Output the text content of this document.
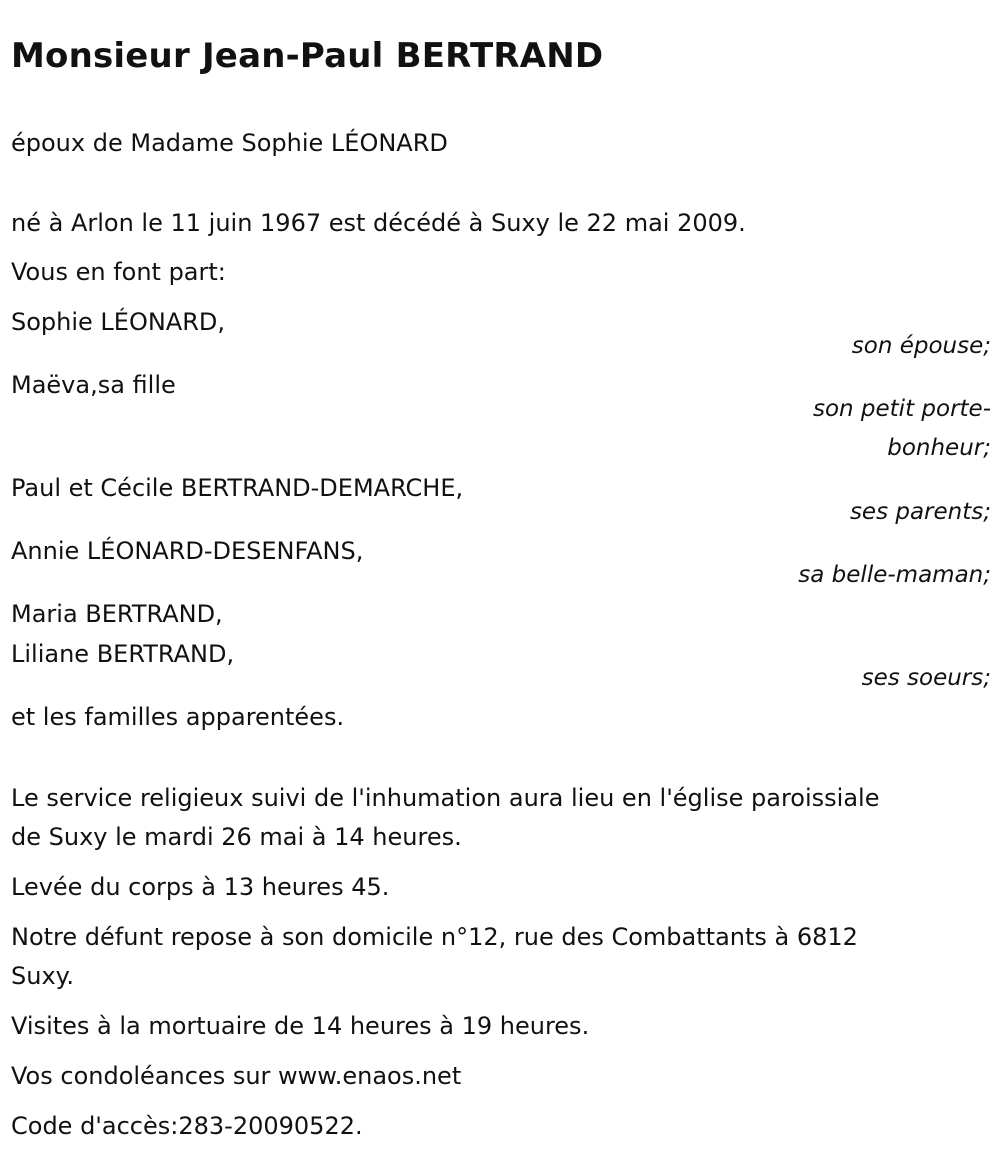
Monsieur Jean-Paul BERTRAND

époux de Madame Sophie LÉONARD

né à Arlon le 11 juin 1967 est décédé à Suxy le 22 mai 2009.

Vous en font part:

Sophie LÉONARD,

son épouse;

Maëva,sa fille

son petit porte-

bonheur;

Paul et Cécile BERTRAND-DEMARCHE,

ses parents;

Annie LÉONARD-DESENFANS,

sa belle-maman;

Maria BERTRAND,

Liliane BERTRAND,

ses soeurs;

et les familles apparentées.

Le service religieux suivi de l'inhumation aura lieu en l'église paroissiale

de Suxy le mardi 26 mai à 14 heures.

Levée du corps à 13 heures 45.

Notre défunt repose à son domicile n°12, rue des Combattants à 6812

Suxy.

Visites à la mortuaire de 14 heures à 19 heures.

Vos condoléances sur www.enaos.net

Code d'accès:283-20090522.
